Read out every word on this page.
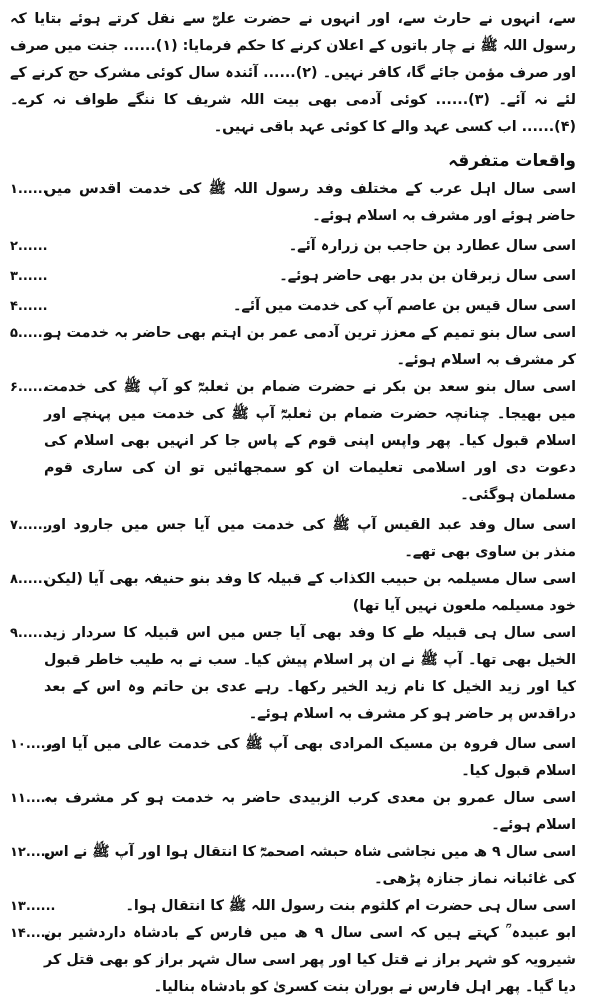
سے، انہوں نے حارث سے، اور انہوں نے حضرت علیؓ سے نقل کرتے ہوئے بتایا کہ رسول اللہ ﷺ نے چار باتوں کے اعلان کرنے کا حکم فرمایا: (۱)...... جنت میں صرف اور صرف مؤمن جائے گا، کافر نہیں۔ (۲)...... آئندہ سال کوئی مشرک حج کرنے کے لئے نہ آئے۔ (۳)...... کوئی آدمی بھی بیت اللہ شریف کا ننگے طواف نہ کرے۔ (۴)...... اب کسی عہد والے کا کوئی عہد باقی نہیں۔

واقعات متفرقہ
اسی سال اہل عرب کے مختلف وفد رسول اللہ ﷺ کی خدمت اقدس میں حاضر ہوئے اور مشرف بہ اسلام ہوئے۔
۱......
اسی سال عطارد بن حاجب بن زرارہ آئے۔
۲......
اسی سال زبرقان بن بدر بھی حاضر ہوئے۔
۳......
اسی سال قیس بن عاصم آپ کی خدمت میں آئے۔
۴......
اسی سال بنو تمیم کے معزز ترین آدمی عمر بن اہتم بھی حاضر بہ خدمت ہو کر مشرف بہ اسلام ہوئے۔
۵......
اسی سال بنو سعد بن بکر نے حضرت ضمام بن ثعلبہؓ کو آپ ﷺ کی خدمت میں بھیجا۔ چنانچہ حضرت ضمام بن ثعلبہؓ آپ ﷺ کی خدمت میں پہنچے اور اسلام قبول کیا۔ پھر واپس اپنی قوم کے پاس جا کر انہیں بھی اسلام کی دعوت دی اور اسلامی تعلیمات ان کو سمجھائیں تو ان کی ساری قوم مسلمان ہوگئی۔
۶......
اسی سال وفد عبد القیس آپ ﷺ کی خدمت میں آیا جس میں جارود اور منذر بن ساوی بھی تھے۔
۷......
اسی سال مسیلمہ بن حبیب الکذاب کے قبیلہ کا وفد بنو حنیفہ بھی آیا (لیکن خود مسیلمہ ملعون نہیں آیا تھا)
۸......
اسی سال ہی قبیلہ طے کا وفد بھی آیا جس میں اس قبیلہ کا سردار زید الخیل بھی تھا۔ آپ ﷺ نے ان پر اسلام پیش کیا۔ سب نے بہ طیب خاطر قبول کیا اور زید الخیل کا نام زید الخیر رکھا۔ رہے عدی بن حاتم وہ اس کے بعد دراقدس پر حاضر ہو کر مشرف بہ اسلام ہوئے۔
۹......
اسی سال فروہ بن مسیک المرادی بھی آپ ﷺ کی خدمت عالی میں آیا اور اسلام قبول کیا۔
۱۰......
اسی سال عمرو بن معدی کرب الزبیدی حاضر بہ خدمت ہو کر مشرف بہ اسلام ہوئے۔
۱۱......
اسی سال ۹ ھ میں نجاشی شاہ حبشہ اصحمہؓ کا انتقال ہوا اور آپ ﷺ نے اس کی غائبانہ نماز جنازہ پڑھی۔
۱۲......
اسی سال ہی حضرت ام کلثوم بنت رسول اللہ ﷺ کا انتقال ہوا۔
۱۳......
ابو عبیدہ ؒ کہتے ہیں کہ اسی سال ۹ ھ میں فارس کے بادشاہ داردشیر بن شیرویہ کو شہر براز نے قتل کیا اور پھر اسی سال شہر براز کو بھی قتل کر دیا گیا۔ پھر اہل فارس نے بوران بنت کسریٰ کو بادشاہ بنالیا۔
۱۴......
